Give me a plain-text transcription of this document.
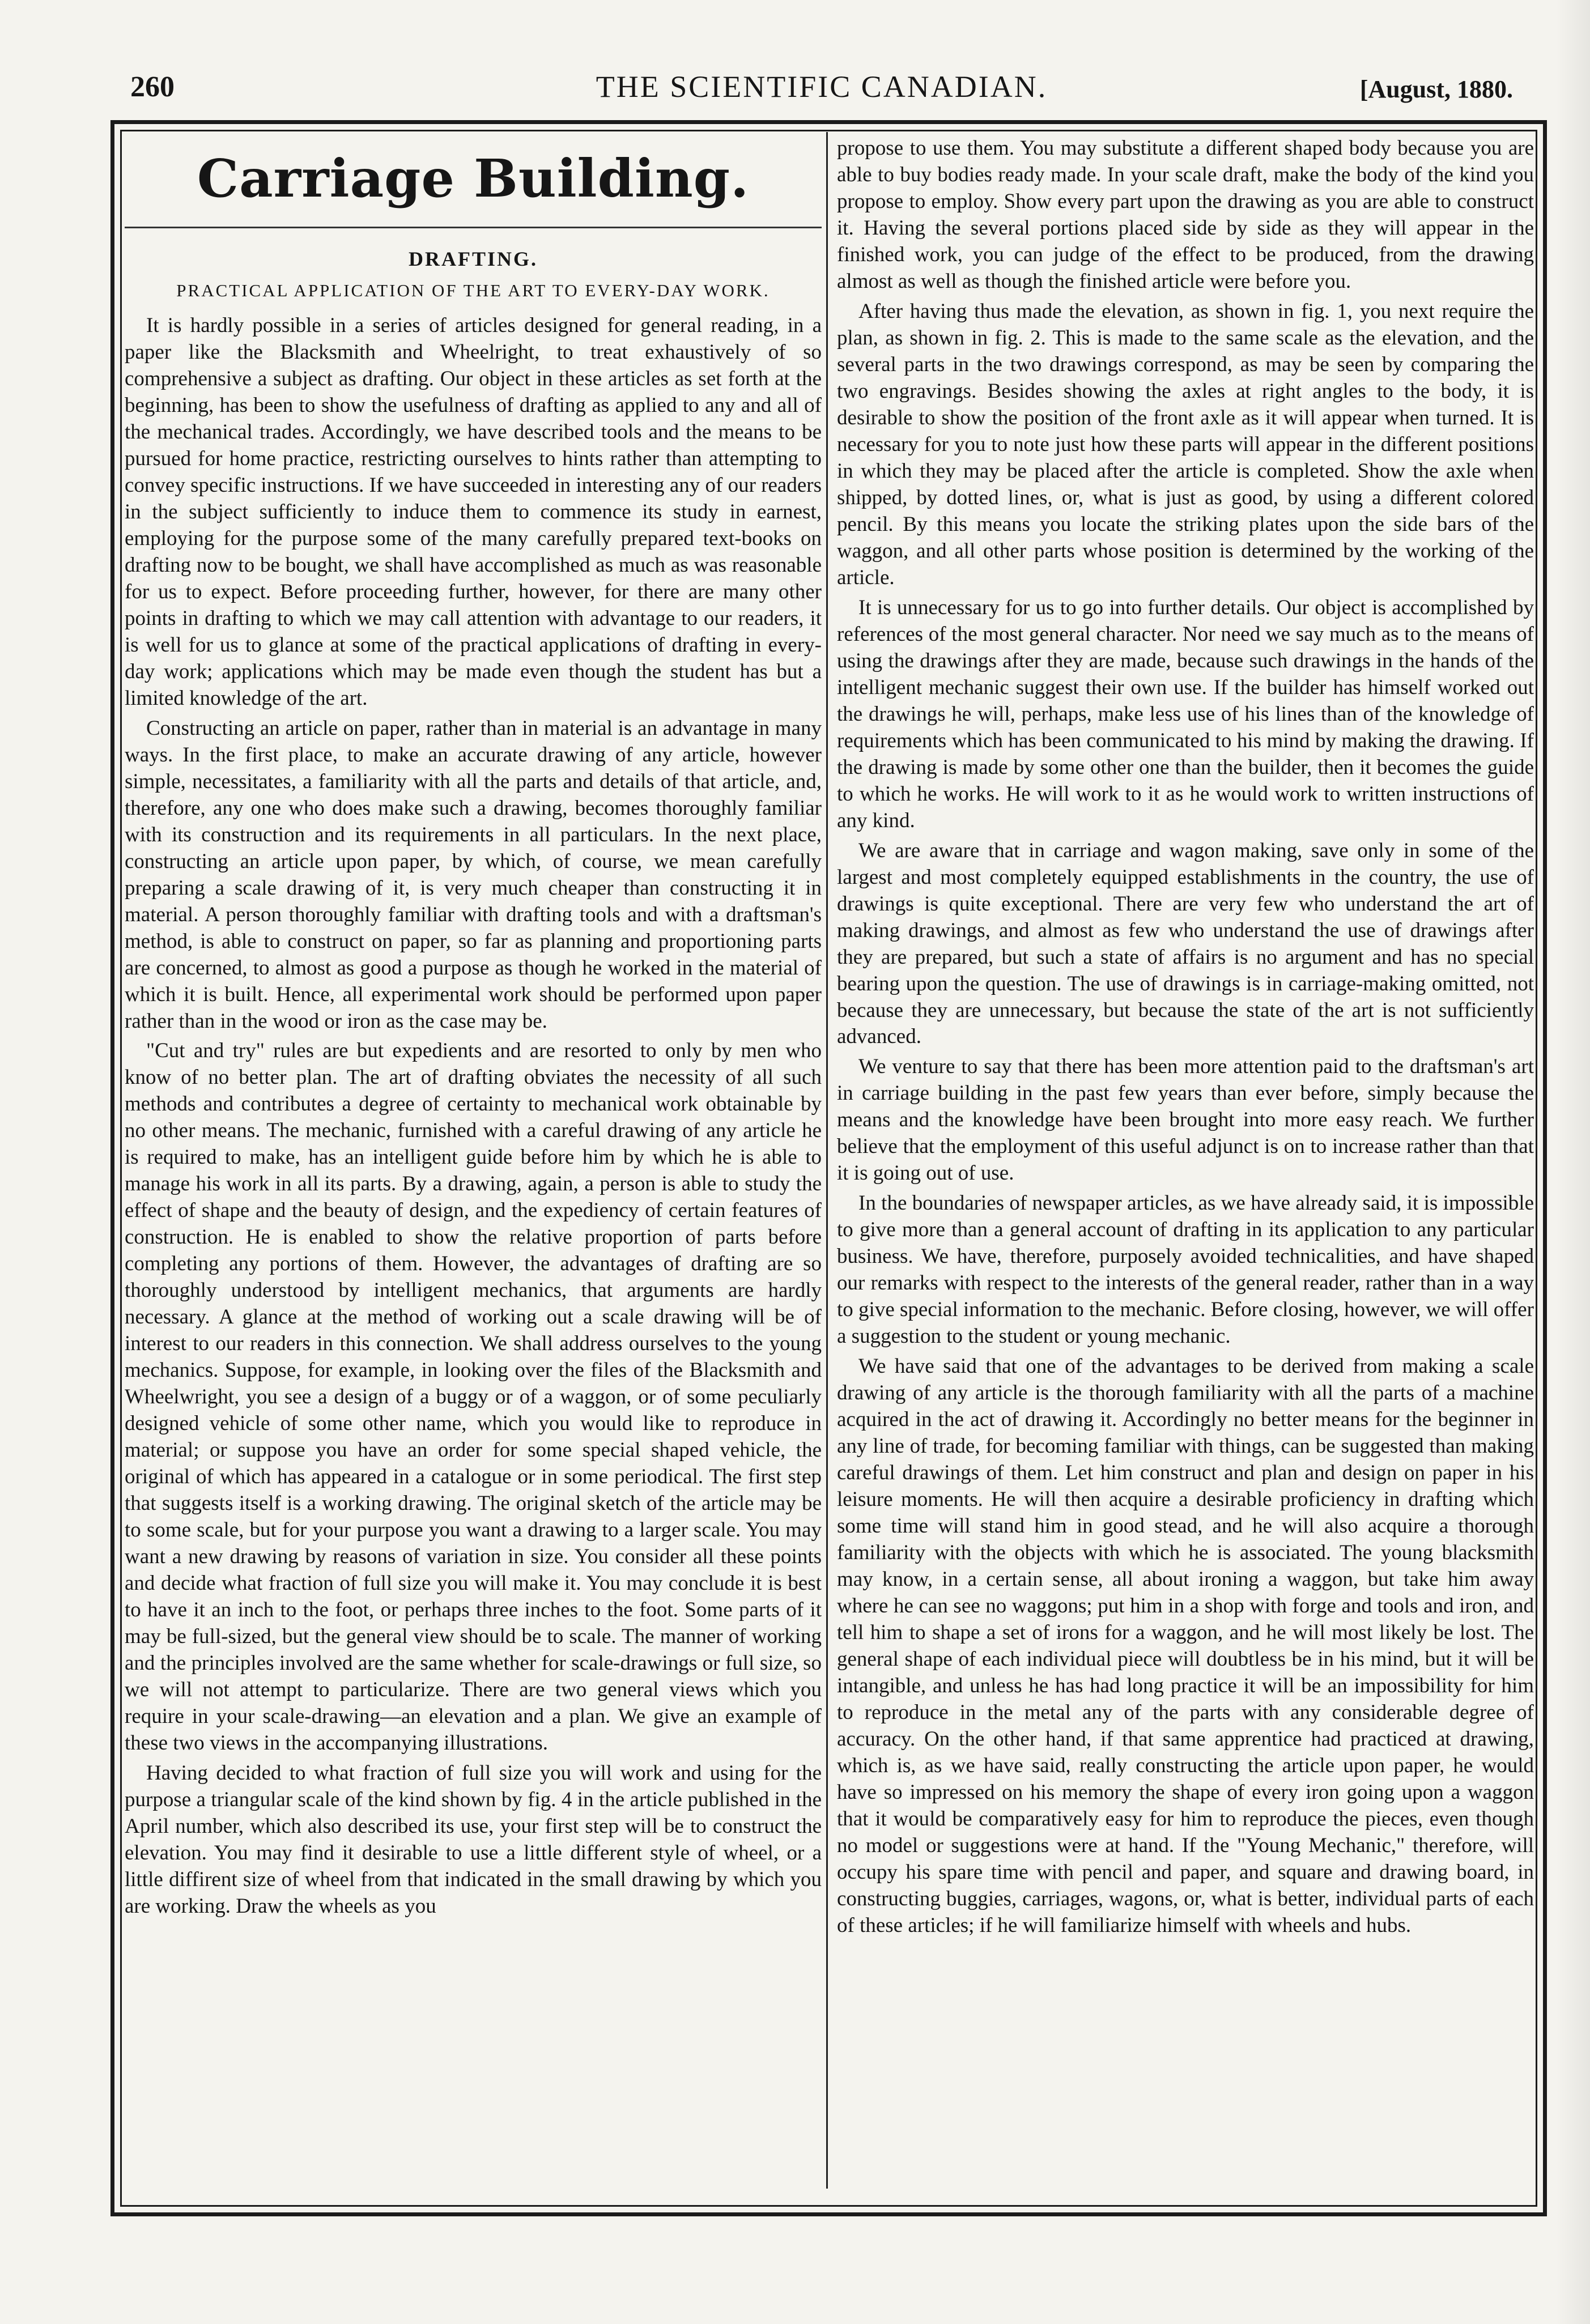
260	THE SCIENTIFIC CANADIAN.	[August, 1880.
Carriage Building.
DRAFTING.
PRACTICAL APPLICATION OF THE ART TO EVERY-DAY WORK.

It is hardly possible in a series of articles designed for general reading, in a paper like the Blacksmith and Wheelright, to treat exhaustively of so comprehensive a subject as drafting. Our object in these articles as set forth at the beginning, has been to show the usefulness of drafting as applied to any and all of the mechanical trades. Accordingly, we have described tools and the means to be pursued for home practice, restricting ourselves to hints rather than attempting to convey specific instructions. If we have succeeded in interesting any of our readers in the subject sufficiently to induce them to commence its study in earnest, employing for the purpose some of the many carefully prepared text-books on drafting now to be bought, we shall have accomplished as much as was reasonable for us to expect. Before proceeding further, however, for there are many other points in drafting to which we may call attention with advantage to our readers, it is well for us to glance at some of the practical applications of drafting in every-day work; applications which may be made even though the student has but a limited knowledge of the art.

Constructing an article on paper, rather than in material is an advantage in many ways. In the first place, to make an accurate drawing of any article, however simple, necessitates, a familiarity with all the parts and details of that article, and, therefore, any one who does make such a drawing, becomes thoroughly familiar with its construction and its requirements in all particulars. In the next place, constructing an article upon paper, by which, of course, we mean carefully preparing a scale drawing of it, is very much cheaper than constructing it in material. A person thoroughly familiar with drafting tools and with a draftsman's method, is able to construct on paper, so far as planning and proportioning parts are concerned, to almost as good a purpose as though he worked in the material of which it is built. Hence, all experimental work should be performed upon paper rather than in the wood or iron as the case may be.

"Cut and try" rules are but expedients and are resorted to only by men who know of no better plan. The art of drafting obviates the necessity of all such methods and contributes a degree of certainty to mechanical work obtainable by no other means. The mechanic, furnished with a careful drawing of any article he is required to make, has an intelligent guide before him by which he is able to manage his work in all its parts. By a drawing, again, a person is able to study the effect of shape and the beauty of design, and the expediency of certain features of construction. He is enabled to show the relative proportion of parts before completing any portions of them. However, the advantages of drafting are so thoroughly understood by intelligent mechanics, that arguments are hardly necessary. A glance at the method of working out a scale drawing will be of interest to our readers in this connection. We shall address ourselves to the young mechanics. Suppose, for example, in looking over the files of the Blacksmith and Wheelwright, you see a design of a buggy or of a waggon, or of some peculiarly designed vehicle of some other name, which you would like to reproduce in material; or suppose you have an order for some special shaped vehicle, the original of which has appeared in a catalogue or in some periodical. The first step that suggests itself is a working drawing. The original sketch of the article may be to some scale, but for your purpose you want a drawing to a larger scale. You may want a new drawing by reasons of variation in size. You consider all these points and decide what fraction of full size you will make it. You may conclude it is best to have it an inch to the foot, or perhaps three inches to the foot. Some parts of it may be full-sized, but the general view should be to scale. The manner of working and the principles involved are the same whether for scale-drawings or full size, so we will not attempt to particularize. There are two general views which you require in your scale-drawing—an elevation and a plan. We give an example of these two views in the accompanying illustrations.

Having decided to what fraction of full size you will work and using for the purpose a triangular scale of the kind shown by fig. 4 in the article published in the April number, which also described its use, your first step will be to construct the elevation. You may find it desirable to use a little different style of wheel, or a little diffirent size of wheel from that indicated in the small drawing by which you are working. Draw the wheels as you

propose to use them. You may substitute a different shaped body because you are able to buy bodies ready made. In your scale draft, make the body of the kind you propose to employ. Show every part upon the drawing as you are able to construct it. Having the several portions placed side by side as they will appear in the finished work, you can judge of the effect to be produced, from the drawing almost as well as though the finished article were before you.

After having thus made the elevation, as shown in fig. 1, you next require the plan, as shown in fig. 2. This is made to the same scale as the elevation, and the several parts in the two drawings correspond, as may be seen by comparing the two engravings. Besides showing the axles at right angles to the body, it is desirable to show the position of the front axle as it will appear when turned. It is necessary for you to note just how these parts will appear in the different positions in which they may be placed after the article is completed. Show the axle when shipped, by dotted lines, or, what is just as good, by using a different colored pencil. By this means you locate the striking plates upon the side bars of the waggon, and all other parts whose position is determined by the working of the article.

It is unnecessary for us to go into further details. Our object is accomplished by references of the most general character. Nor need we say much as to the means of using the drawings after they are made, because such drawings in the hands of the intelligent mechanic suggest their own use. If the builder has himself worked out the drawings he will, perhaps, make less use of his lines than of the knowledge of requirements which has been communicated to his mind by making the drawing. If the drawing is made by some other one than the builder, then it becomes the guide to which he works. He will work to it as he would work to written instructions of any kind.

We are aware that in carriage and wagon making, save only in some of the largest and most completely equipped establishments in the country, the use of drawings is quite exceptional. There are very few who understand the art of making drawings, and almost as few who understand the use of drawings after they are prepared, but such a state of affairs is no argument and has no special bearing upon the question. The use of drawings is in carriage-making omitted, not because they are unnecessary, but because the state of the art is not sufficiently advanced.

We venture to say that there has been more attention paid to the draftsman's art in carriage building in the past few years than ever before, simply because the means and the knowledge have been brought into more easy reach. We further believe that the employment of this useful adjunct is on to increase rather than that it is going out of use.

In the boundaries of newspaper articles, as we have already said, it is impossible to give more than a general account of drafting in its application to any particular business. We have, therefore, purposely avoided technicalities, and have shaped our remarks with respect to the interests of the general reader, rather than in a way to give special information to the mechanic. Before closing, however, we will offer a suggestion to the student or young mechanic.

We have said that one of the advantages to be derived from making a scale drawing of any article is the thorough familiarity with all the parts of a machine acquired in the act of drawing it. Accordingly no better means for the beginner in any line of trade, for becoming familiar with things, can be suggested than making careful drawings of them. Let him construct and plan and design on paper in his leisure moments. He will then acquire a desirable proficiency in drafting which some time will stand him in good stead, and he will also acquire a thorough familiarity with the objects with which he is associated. The young blacksmith may know, in a certain sense, all about ironing a waggon, but take him away where he can see no waggons; put him in a shop with forge and tools and iron, and tell him to shape a set of irons for a waggon, and he will most likely be lost. The general shape of each individual piece will doubtless be in his mind, but it will be intangible, and unless he has had long practice it will be an impossibility for him to reproduce in the metal any of the parts with any considerable degree of accuracy. On the other hand, if that same apprentice had practiced at drawing, which is, as we have said, really constructing the article upon paper, he would have so impressed on his memory the shape of every iron going upon a waggon that it would be comparatively easy for him to reproduce the pieces, even though no model or suggestions were at hand. If the "Young Mechanic," therefore, will occupy his spare time with pencil and paper, and square and drawing board, in constructing buggies, carriages, wagons, or, what is better, individual parts of each of these articles; if he will familiarize himself with wheels and hubs.
